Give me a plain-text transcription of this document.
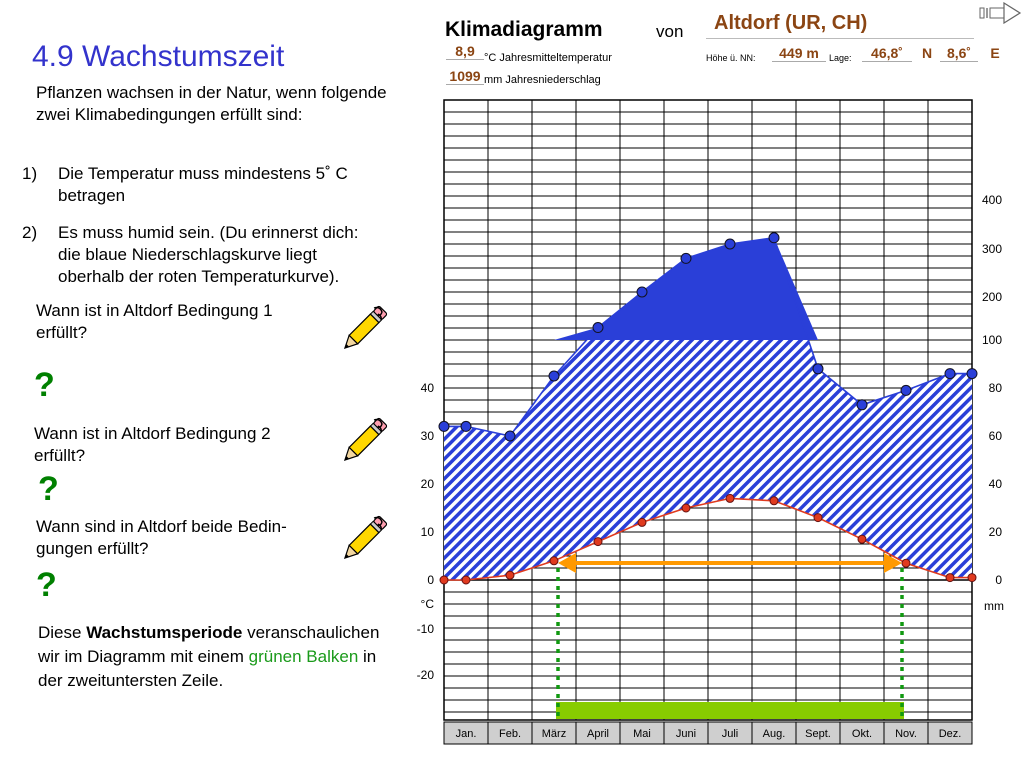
4.9 Wachstumszeit
Pflanzen wachsen in der Natur, wenn folgende zwei Klimabedingungen erfüllt sind:
1) Die Temperatur muss mindestens 5˚ C
betragen
2) Es muss humid sein. (Du erinnerst dich:
die blaue Niederschlagskurve liegt
oberhalb der roten Temperaturkurve).
Wann ist in Altdorf Bedingung 1
erfüllt?
?
Wann ist in Altdorf Bedingung 2
erfüllt?
?
Wann sind in Altdorf beide Bedin-
gungen erfüllt?
?
Diese Wachstumsperiode veranschaulichen wir im Diagramm mit einem grünen Balken in der zweituntersten Zeile.
Klimadiagramm	von Altdorf (UR, CH)
8,9 °C Jahresmitteltemperatur
1099 mm Jahresniederschlag
Höhe ü. NN:	449 m	Lage:	46,8˚	N	8,6˚	E
Jan. Feb. März April Mai Juni Juli Aug. Sept. Okt. Nov. Dez.
40
30
20
10
0
-10
-20
°C
400
300
200
100
80
60
40
20
0
mm
